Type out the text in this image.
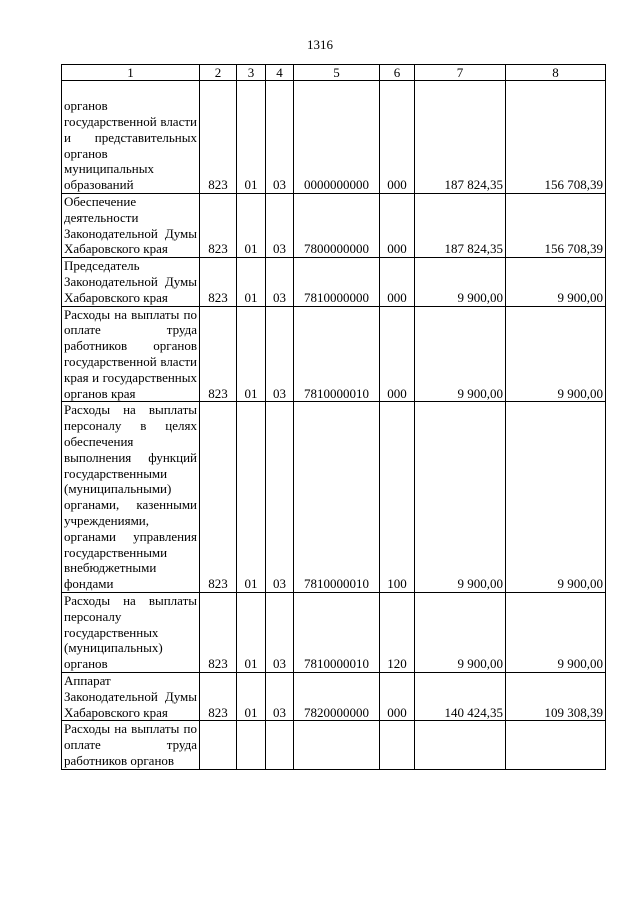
1316
1	2	3	4	5	6	7	8
органов государственной власти и представительных органов муниципальных образований	823	01	03	0000000000	000	187 824,35	156 708,39
Обеспечение деятельности Законодательной Думы Хабаровского края	823	01	03	7800000000	000	187 824,35	156 708,39
Председатель Законодательной Думы Хабаровского края	823	01	03	7810000000	000	9 900,00	9 900,00
Расходы на выплаты по оплате труда работников органов государственной власти края и государственных органов края	823	01	03	7810000010	000	9 900,00	9 900,00
Расходы на выплаты персоналу в целях обеспечения выполнения функций государственными (муниципальными) органами, казенными учреждениями, органами управления государственными внебюджетными фондами	823	01	03	7810000010	100	9 900,00	9 900,00
Расходы на выплаты персоналу государственных (муниципальных) органов	823	01	03	7810000010	120	9 900,00	9 900,00
Аппарат Законодательной Думы Хабаровского края	823	01	03	7820000000	000	140 424,35	109 308,39
Расходы на выплаты по оплате труда работников органов							
